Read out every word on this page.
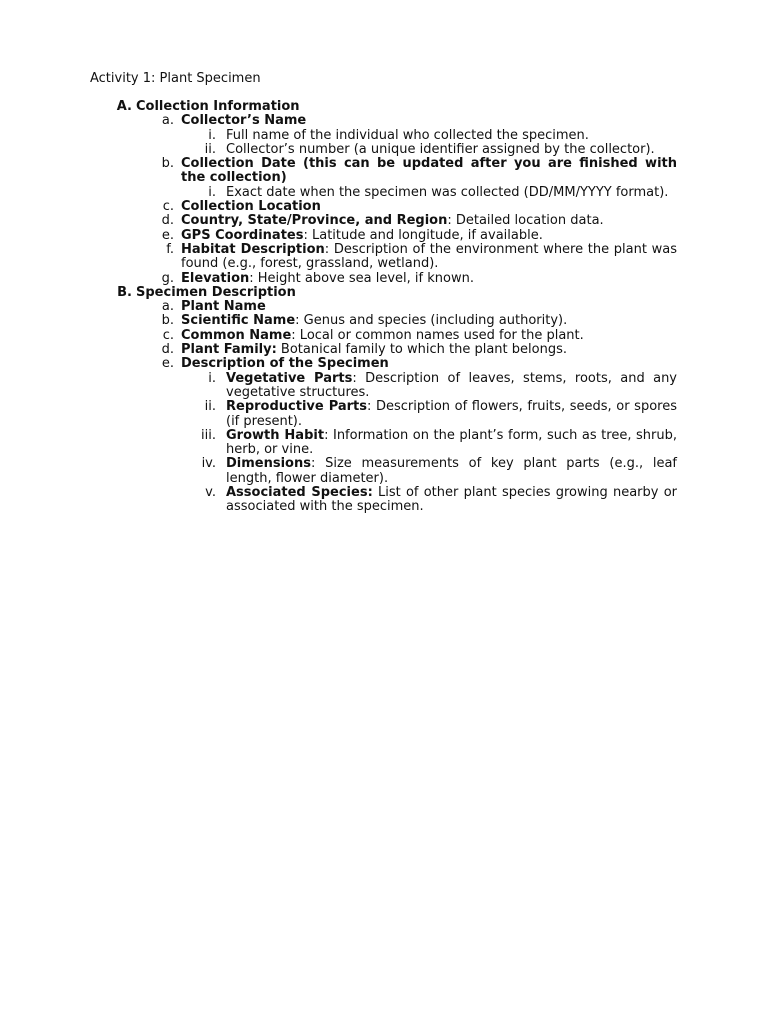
Activity 1: Plant Specimen
A. Collection Information
a. Collector’s Name
i. Full name of the individual who collected the specimen.
ii. Collector’s number (a unique identifier assigned by the collector).
b. Collection Date (this can be updated after you are finished with the collection)
i. Exact date when the specimen was collected (DD/MM/YYYY format).
c. Collection Location
d. Country, State/Province, and Region: Detailed location data.
e. GPS Coordinates: Latitude and longitude, if available.
f. Habitat Description: Description of the environment where the plant was found (e.g., forest, grassland, wetland).
g. Elevation: Height above sea level, if known.
B. Specimen Description
a. Plant Name
b. Scientific Name: Genus and species (including authority).
c. Common Name: Local or common names used for the plant.
d. Plant Family: Botanical family to which the plant belongs.
e. Description of the Specimen
i. Vegetative Parts: Description of leaves, stems, roots, and any vegetative structures.
ii. Reproductive Parts: Description of flowers, fruits, seeds, or spores (if present).
iii. Growth Habit: Information on the plant’s form, such as tree, shrub, herb, or vine.
iv. Dimensions: Size measurements of key plant parts (e.g., leaf length, flower diameter).
v. Associated Species: List of other plant species growing nearby or associated with the specimen.
